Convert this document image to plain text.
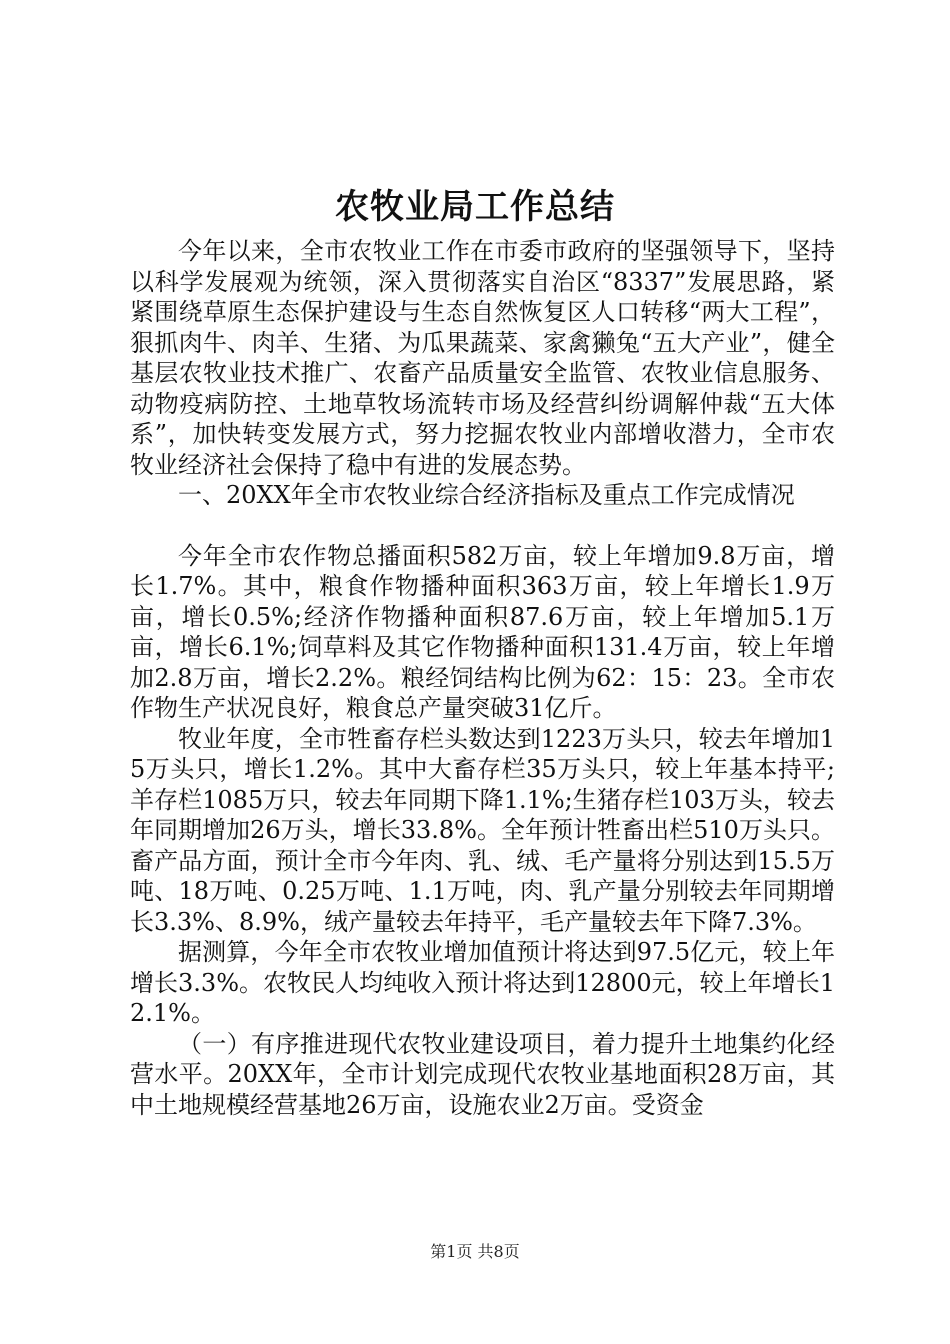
农牧业局工作总结

今年以来，全市农牧业工作在市委市政府的坚强领导下，坚持以科学发展观为统领，深入贯彻落实自治区“8337”发展思路，紧紧围绕草原生态保护建设与生态自然恢复区人口转移“两大工程”，狠抓肉牛、肉羊、生猪、为瓜果蔬菜、家禽獭兔“五大产业”，健全基层农牧业技术推广、农畜产品质量安全监管、农牧业信息服务、动物疫病防控、土地草牧场流转市场及经营纠纷调解仲裁“五大体系”，加快转变发展方式，努力挖掘农牧业内部增收潜力，全市农牧业经济社会保持了稳中有进的发展态势。

一、20XX年全市农牧业综合经济指标及重点工作完成情况

今年全市农作物总播面积582万亩，较上年增加9.8万亩，增长1.7%。其中，粮食作物播种面积363万亩，较上年增长1.9万亩，增长0.5%;经济作物播种面积87.6万亩，较上年增加5.1万亩，增长6.1%;饲草料及其它作物播种面积131.4万亩，较上年增加2.8万亩，增长2.2%。粮经饲结构比例为62：15：23。全市农作物生产状况良好，粮食总产量突破31亿斤。

牧业年度，全市牲畜存栏头数达到1223万头只，较去年增加15万头只，增长1.2%。其中大畜存栏35万头只，较上年基本持平;羊存栏1085万只，较去年同期下降1.1%;生猪存栏103万头，较去年同期增加26万头，增长33.8%。全年预计牲畜出栏510万头只。畜产品方面，预计全市今年肉、乳、绒、毛产量将分别达到15.5万吨、18万吨、0.25万吨、1.1万吨，肉、乳产量分别较去年同期增长3.3%、8.9%，绒产量较去年持平，毛产量较去年下降7.3%。

据测算，今年全市农牧业增加值预计将达到97.5亿元，较上年增长3.3%。农牧民人均纯收入预计将达到12800元，较上年增长12.1%。

（一）有序推进现代农牧业建设项目，着力提升土地集约化经营水平。20XX年，全市计划完成现代农牧业基地面积28万亩，其中土地规模经营基地26万亩，设施农业2万亩。受资金

第1页 共8页
